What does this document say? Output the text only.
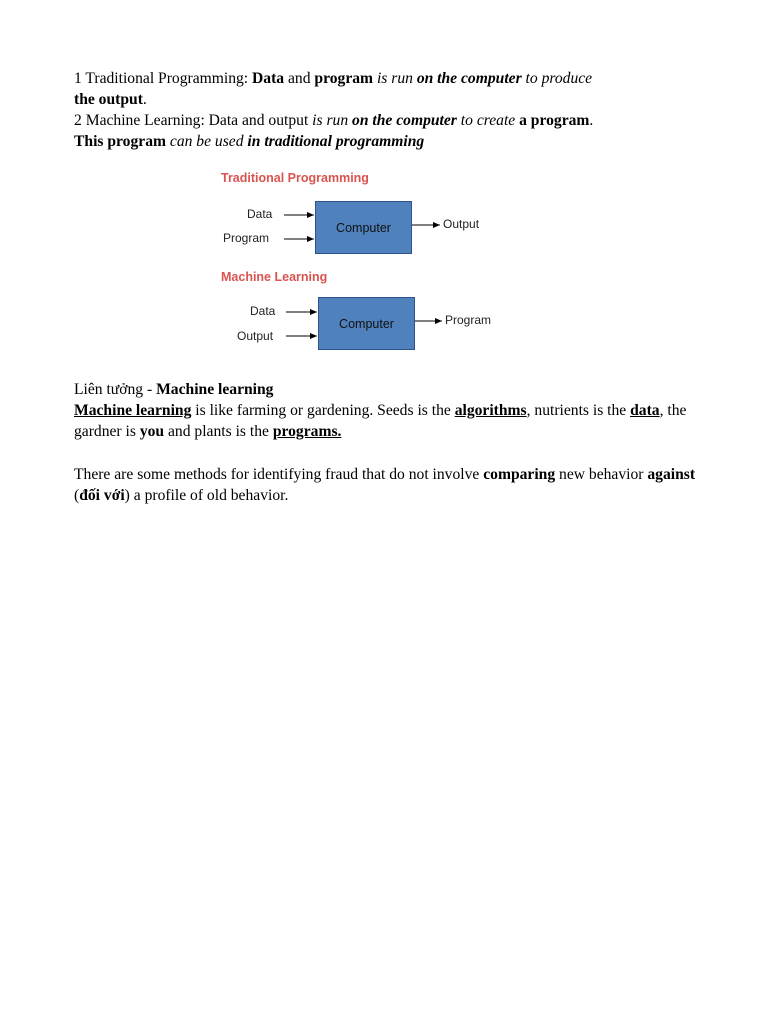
1 Traditional Programming: Data and program is run on the computer to produce
the output.
2 Machine Learning: Data and output is run on the computer to create a program.
This program can be used in traditional programming

Traditional Programming
Data
Program
Computer	Output
Machine Learning
Data
Output
Computer	Program

Liên tưởng - Machine learning
Machine learning is like farming or gardening. Seeds is the algorithms, nutrients is the data, the gardner is you and plants is the programs.

There are some methods for identifying fraud that do not involve comparing new behavior against (đối với) a profile of old behavior.
